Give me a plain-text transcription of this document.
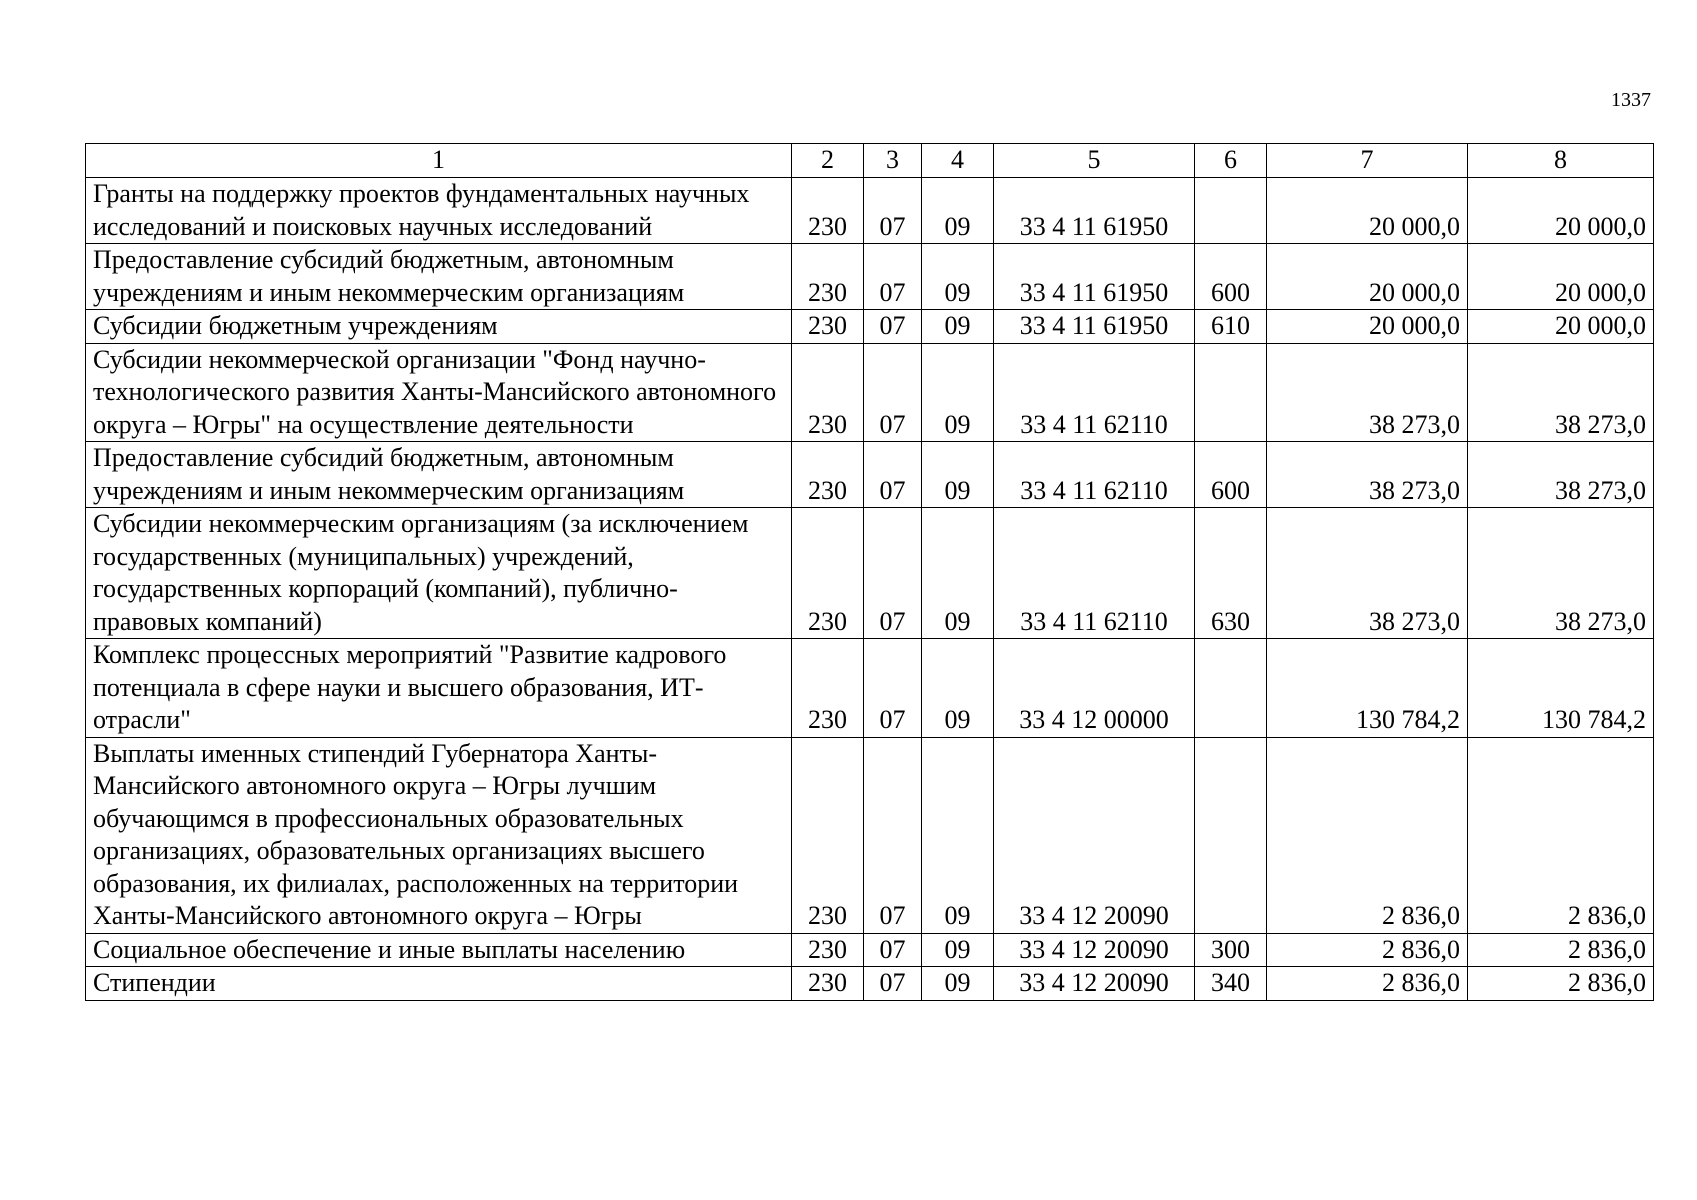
1337
1	2	3	4	5	6	7	8
Гранты на поддержку проектов фундаментальных научных исследований и поисковых научных исследований	230	07	09	33 4 11 61950		20 000,0	20 000,0
Предоставление субсидий бюджетным, автономным учреждениям и иным некоммерческим организациям	230	07	09	33 4 11 61950	600	20 000,0	20 000,0
Субсидии бюджетным учреждениям	230	07	09	33 4 11 61950	610	20 000,0	20 000,0
Субсидии некоммерческой организации "Фонд научно-технологического развития Ханты-Мансийского автономного округа – Югры" на осуществление деятельности	230	07	09	33 4 11 62110		38 273,0	38 273,0
Предоставление субсидий бюджетным, автономным учреждениям и иным некоммерческим организациям	230	07	09	33 4 11 62110	600	38 273,0	38 273,0
Субсидии некоммерческим организациям (за исключением государственных (муниципальных) учреждений, государственных корпораций (компаний), публично-правовых компаний)	230	07	09	33 4 11 62110	630	38 273,0	38 273,0
Комплекс процессных мероприятий "Развитие кадрового потенциала в сфере науки и высшего образования, ИТ-отрасли"	230	07	09	33 4 12 00000		130 784,2	130 784,2
Выплаты именных стипендий Губернатора Ханты-Мансийского автономного округа – Югры лучшим обучающимся в профессиональных образовательных организациях, образовательных организациях высшего образования, их филиалах, расположенных на территории Ханты-Мансийского автономного округа – Югры	230	07	09	33 4 12 20090		2 836,0	2 836,0
Социальное обеспечение и иные выплаты населению	230	07	09	33 4 12 20090	300	2 836,0	2 836,0
Стипендии	230	07	09	33 4 12 20090	340	2 836,0	2 836,0
